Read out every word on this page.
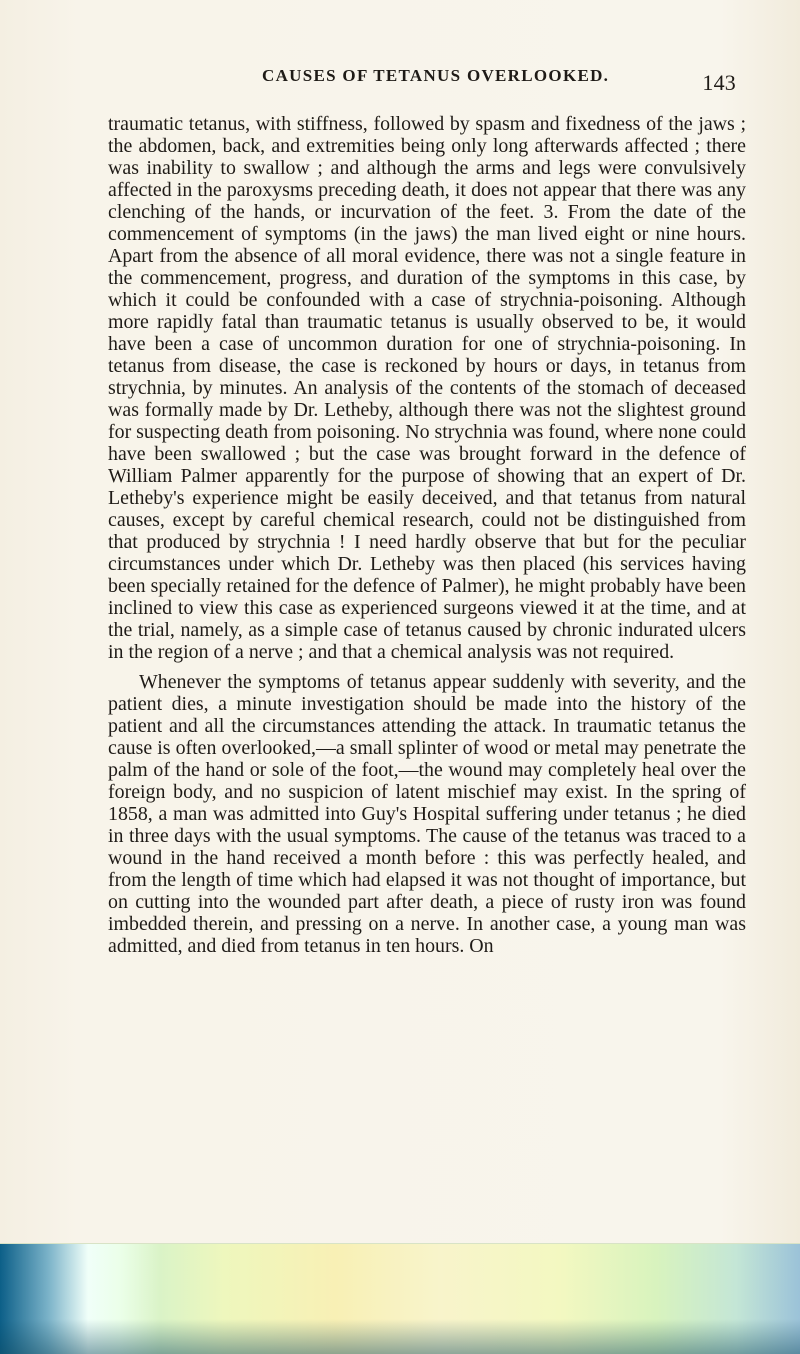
CAUSES OF TETANUS OVERLOOKED.	143

traumatic tetanus, with stiffness, followed by spasm and fixedness of the jaws ; the abdomen, back, and extremities being only long afterwards affected ; there was inability to swallow ; and although the arms and legs were convulsively affected in the paroxysms preceding death, it does not appear that there was any clenching of the hands, or incurvation of the feet. 3. From the date of the commencement of symptoms (in the jaws) the man lived eight or nine hours. Apart from the absence of all moral evidence, there was not a single feature in the commencement, progress, and duration of the symptoms in this case, by which it could be confounded with a case of strychnia-poisoning. Although more rapidly fatal than traumatic tetanus is usually observed to be, it would have been a case of uncommon duration for one of strychnia-poisoning. In tetanus from disease, the case is reckoned by hours or days, in tetanus from strychnia, by minutes. An analysis of the contents of the stomach of deceased was formally made by Dr. Letheby, although there was not the slightest ground for suspecting death from poisoning. No strychnia was found, where none could have been swallowed ; but the case was brought forward in the defence of William Palmer apparently for the purpose of showing that an expert of Dr. Letheby's experience might be easily deceived, and that tetanus from natural causes, except by careful chemical research, could not be distinguished from that produced by strychnia ! I need hardly observe that but for the peculiar circumstances under which Dr. Letheby was then placed (his services having been specially retained for the defence of Palmer), he might probably have been inclined to view this case as experienced surgeons viewed it at the time, and at the trial, namely, as a simple case of tetanus caused by chronic indurated ulcers in the region of a nerve ; and that a chemical analysis was not required.

Whenever the symptoms of tetanus appear suddenly with severity, and the patient dies, a minute investigation should be made into the history of the patient and all the circumstances attending the attack. In traumatic tetanus the cause is often overlooked,—a small splinter of wood or metal may penetrate the palm of the hand or sole of the foot,—the wound may completely heal over the foreign body, and no suspicion of latent mischief may exist. In the spring of 1858, a man was admitted into Guy's Hospital suffering under tetanus ; he died in three days with the usual symptoms. The cause of the tetanus was traced to a wound in the hand received a month before : this was perfectly healed, and from the length of time which had elapsed it was not thought of importance, but on cutting into the wounded part after death, a piece of rusty iron was found imbedded therein, and pressing on a nerve. In another case, a young man was admitted, and died from tetanus in ten hours. On
